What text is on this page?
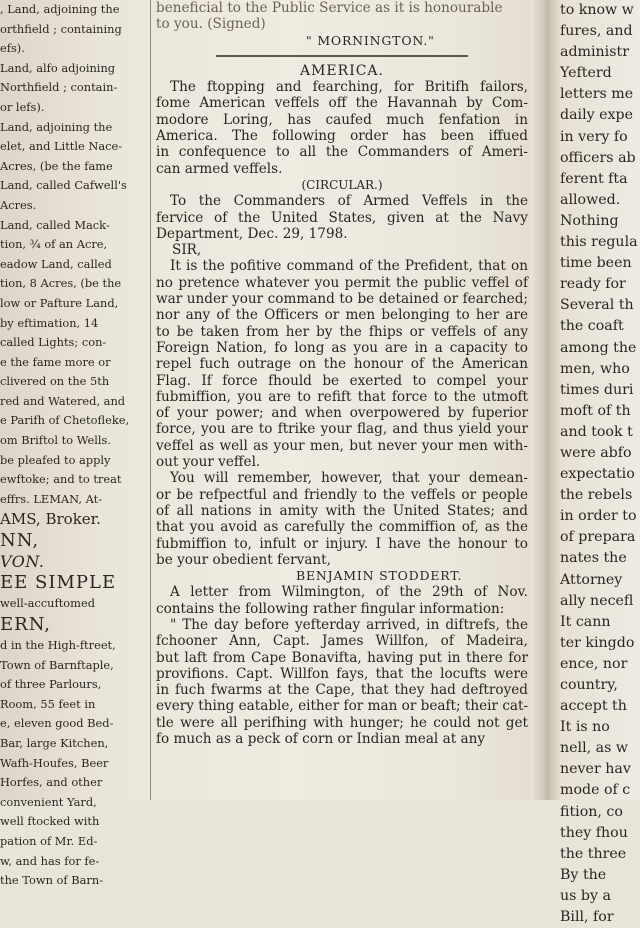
, Land, adjoining the
orthfield ; containing
efs).
Land, alfo adjoining
Northfield ; contain-
or lefs).
Land, adjoining the
elet, and Little Nace-
Acres, (be the fame
Land, called Cafwell's
Acres.
Land, called Mack-
tion, ¾ of an Acre,
eadow Land, called
tion, 8 Acres, (be the
low or Pafture Land,
by eftimation, 14
called Lights; con-
e the fame more or
clivered on the 5th
red and Watered, and
e Parifh of Chetofleke,
om Briftol to Wells.
be pleafed to apply
ewftoke; and to treat
effrs. LEMAN, At-
AMS, Broker.
NN,
VON.
EE SIMPLE
well-accuftomed
ERN,
d in the High-ftreet,
Town of Barnftaple,
of three Parlours,
Room, 55 feet in
e, eleven good Bed-
Bar, large Kitchen,
Wafh-Houfes, Beer
Horfes, and other
convenient Yard,
well ftocked with
pation of Mr. Ed-
w, and has for fe-
the Town of Barn-
beneficial to the Public Service as it is honourable
to you. (Signed)
" MORNINGTON."
AMERICA.
The ftopping and fearching, for Britifh failors,
fome American veffels off the Havannah by Com-
modore Loring, has caufed much fenfation in
America. The following order has been iffued
in confequence to all the Commanders of Ameri-
can armed veffels.
(CIRCULAR.)
To the Commanders of Armed Veffels in the
fervice of the United States, given at the Navy
Department, Dec. 29, 1798.
SIR,
It is the pofitive command of the Prefident, that on
no pretence whatever you permit the public veffel of
war under your command to be detained or fearched;
nor any of the Officers or men belonging to her are
to be taken from her by the fhips or veffels of any
Foreign Nation, fo long as you are in a capacity to
repel fuch outrage on the honour of the American
Flag. If force fhould be exerted to compel your
fubmiffion, you are to refift that force to the utmoft
of your power; and when overpowered by fuperior
force, you are to ftrike your flag, and thus yield your
veffel as well as your men, but never your men with-
out your veffel.
You will remember, however, that your demean-
or be refpectful and friendly to the veffels or people
of all nations in amity with the United States; and
that you avoid as carefully the commiffion of, as the
fubmiffion to, infult or injury. I have the honour to
be your obedient fervant,
BENJAMIN STODDERT.
A letter from Wilmington, of the 29th of Nov.
contains the following rather fingular information:
" The day before yefterday arrived, in diftrefs, the
fchooner Ann, Capt. James Willfon, of Madeira,
but laft from Cape Bonavifta, having put in there for
provifions. Capt. Willfon fays, that the locufts were
in fuch fwarms at the Cape, that they had deftroyed
every thing eatable, either for man or beaft; their cat-
tle were all perifhing with hunger; he could not get
fo much as a peck of corn or Indian meal at any
to know w
fures, and
administr
Yefterd
letters me
daily expe
in very fo
officers ab
ferent fta
allowed.
Nothing
this regula
time been
ready for
Several th
the coaft
among the
men, who
times duri
moft of th
and took t
were abfo
expectatio
the rebels
in order to
of prepara
nates the
Attorney
ally necefl
It cann
ter kingdo
ence, nor
country,
accept th
It is no
nell, as w
never hav
mode of c
fition, co
they fhou
the three
By the
us by a
Bill, for
